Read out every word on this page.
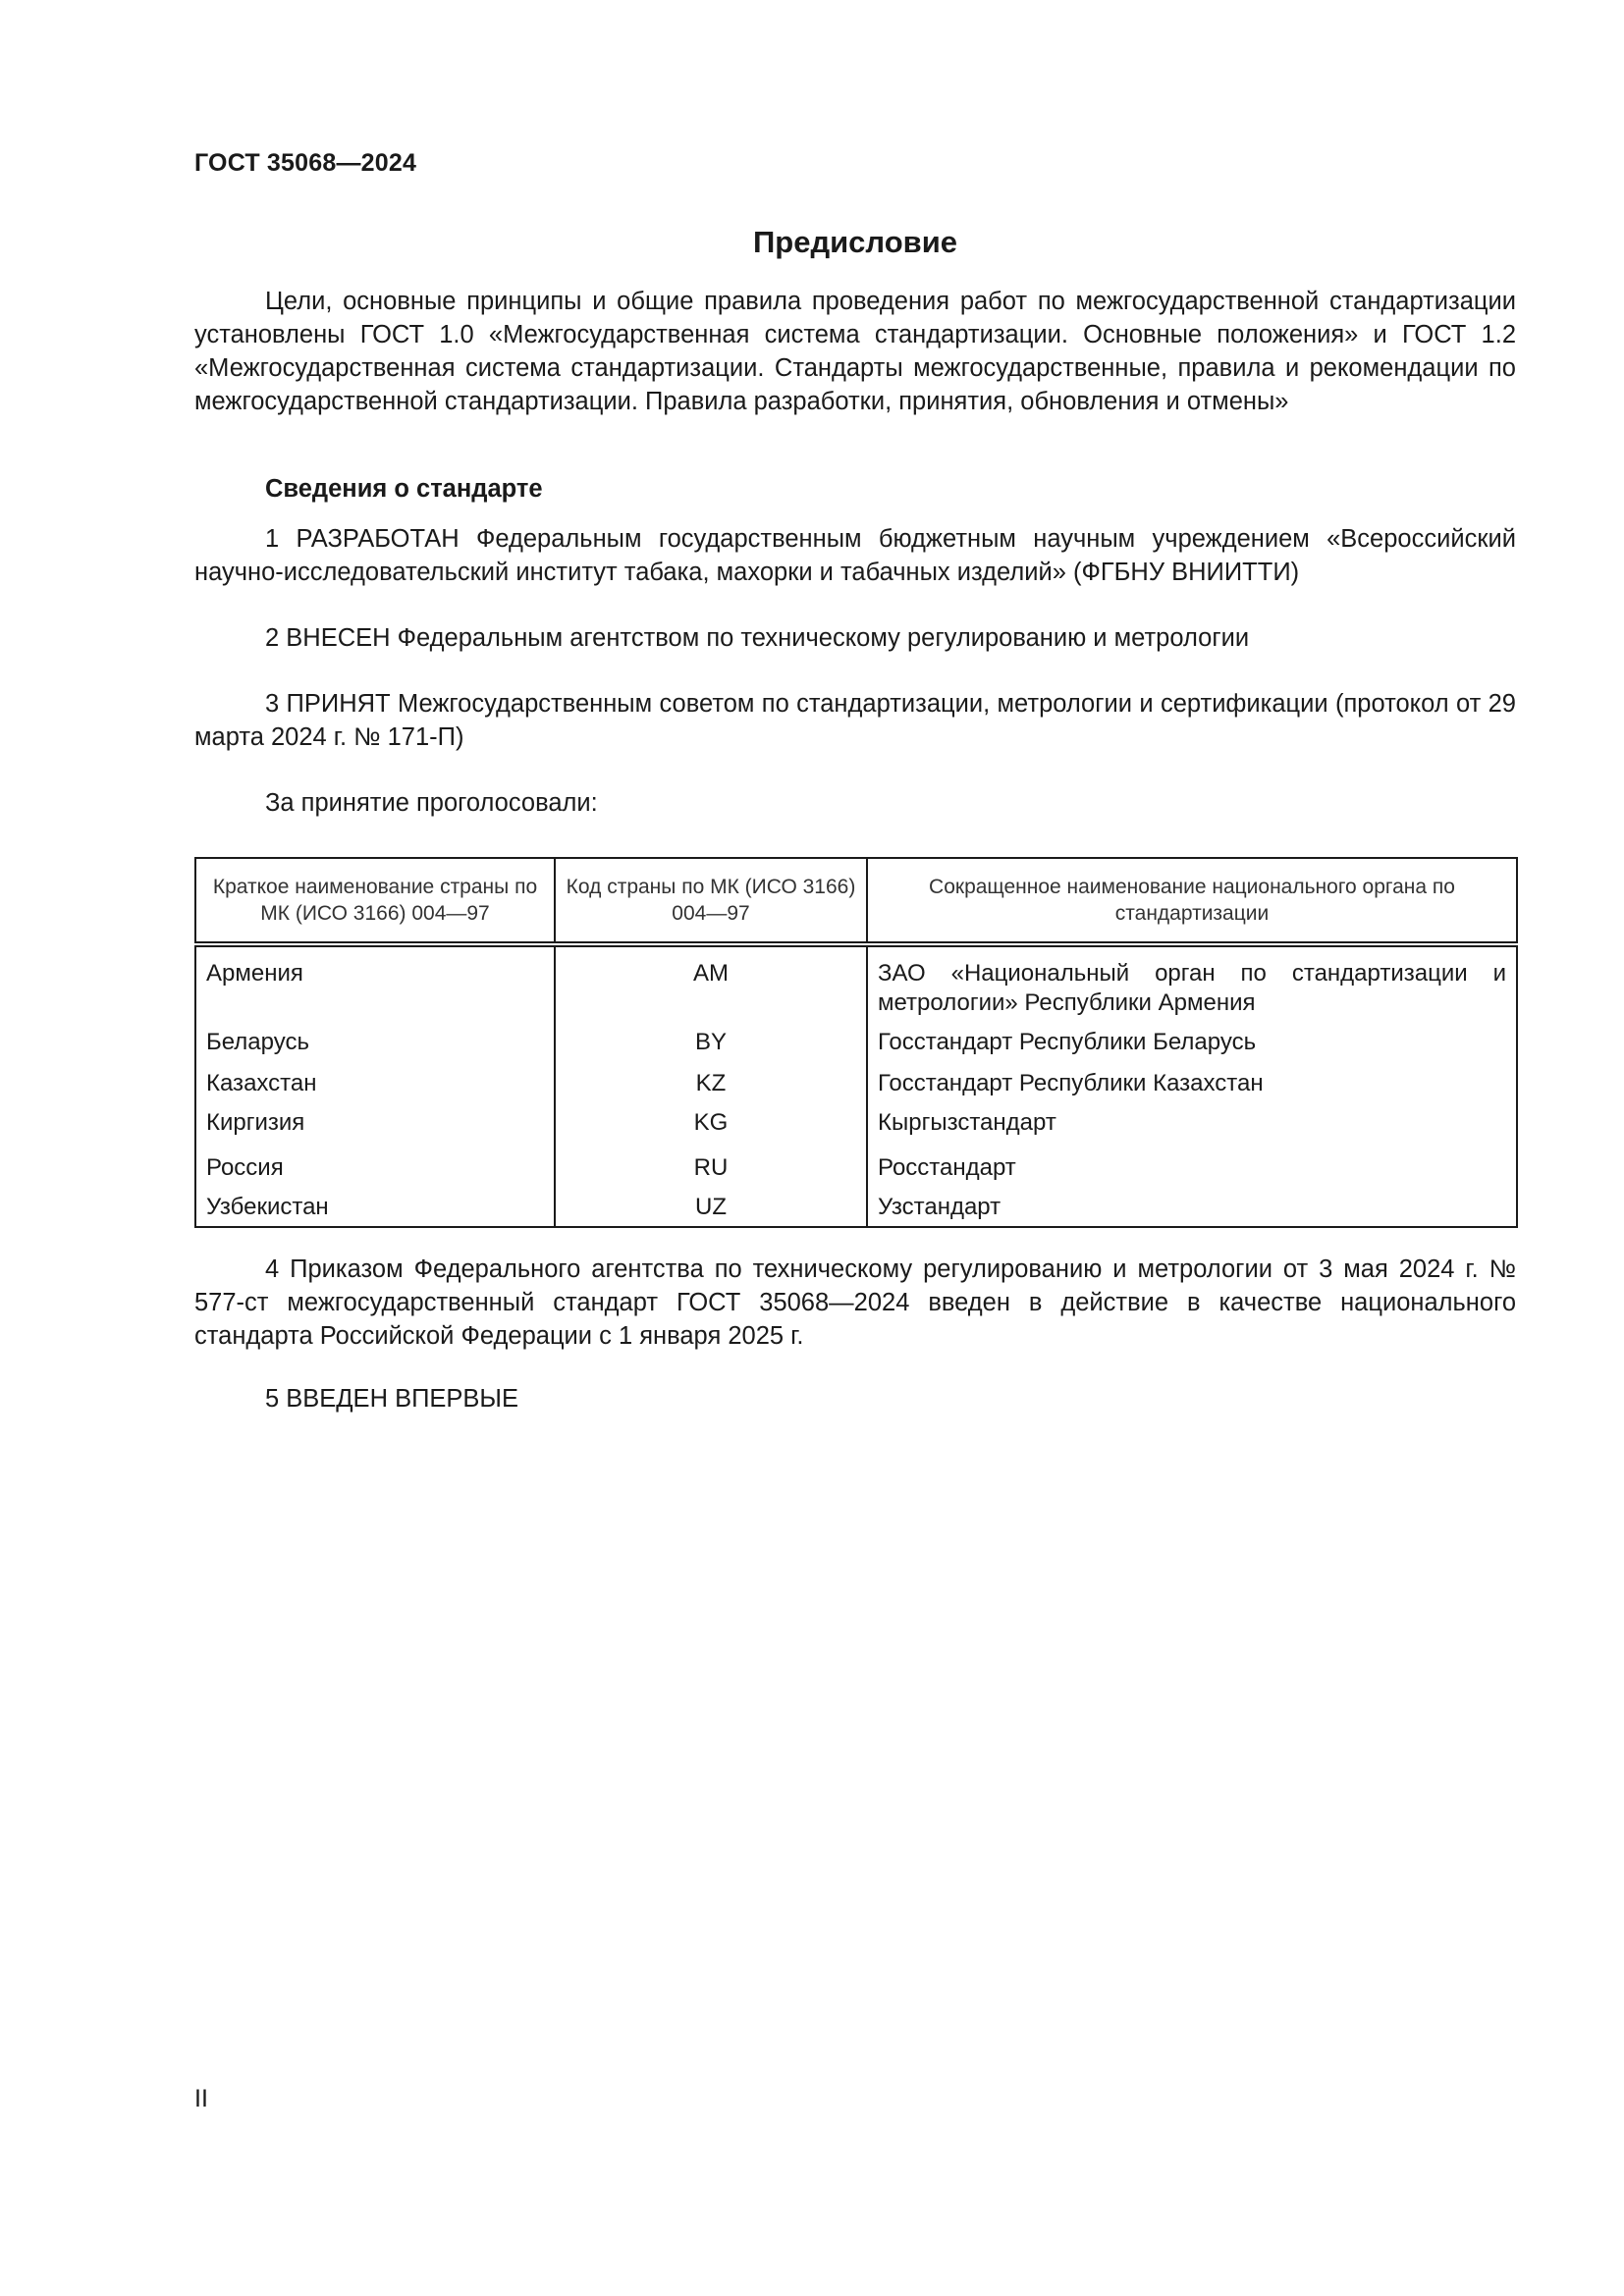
ГОСТ 35068—2024
Предисловие

Цели, основные принципы и общие правила проведения работ по межгосударственной стандартизации установлены ГОСТ 1.0 «Межгосударственная система стандартизации. Основные положения» и ГОСТ 1.2 «Межгосударственная система стандартизации. Стандарты межгосударственные, правила и рекомендации по межгосударственной стандартизации. Правила разработки, принятия, обновления и отмены»

Сведения о стандарте

1 РАЗРАБОТАН Федеральным государственным бюджетным научным учреждением «Всероссийский научно-исследовательский институт табака, махорки и табачных изделий» (ФГБНУ ВНИИТТИ)

2 ВНЕСЕН Федеральным агентством по техническому регулированию и метрологии

3 ПРИНЯТ Межгосударственным советом по стандартизации, метрологии и сертификации (протокол от 29 марта 2024 г. № 171-П)

За принятие проголосовали:

Краткое наименование страны по МК (ИСО 3166) 004—97	Код страны по МК (ИСО 3166) 004—97	Сокращенное наименование национального органа по стандартизации
Армения	AM	ЗАО «Национальный орган по стандартизации и метрологии» Республики Армения
Беларусь	BY	Госстандарт Республики Беларусь
Казахстан	KZ	Госстандарт Республики Казахстан
Киргизия	KG	Кыргызстандарт
Россия	RU	Росстандарт
Узбекистан	UZ	Узстандарт

4 Приказом Федерального агентства по техническому регулированию и метрологии от 3 мая 2024 г. № 577-ст межгосударственный стандарт ГОСТ 35068—2024 введен в действие в качестве национального стандарта Российской Федерации с 1 января 2025 г.

5 ВВЕДЕН ВПЕРВЫЕ

II
